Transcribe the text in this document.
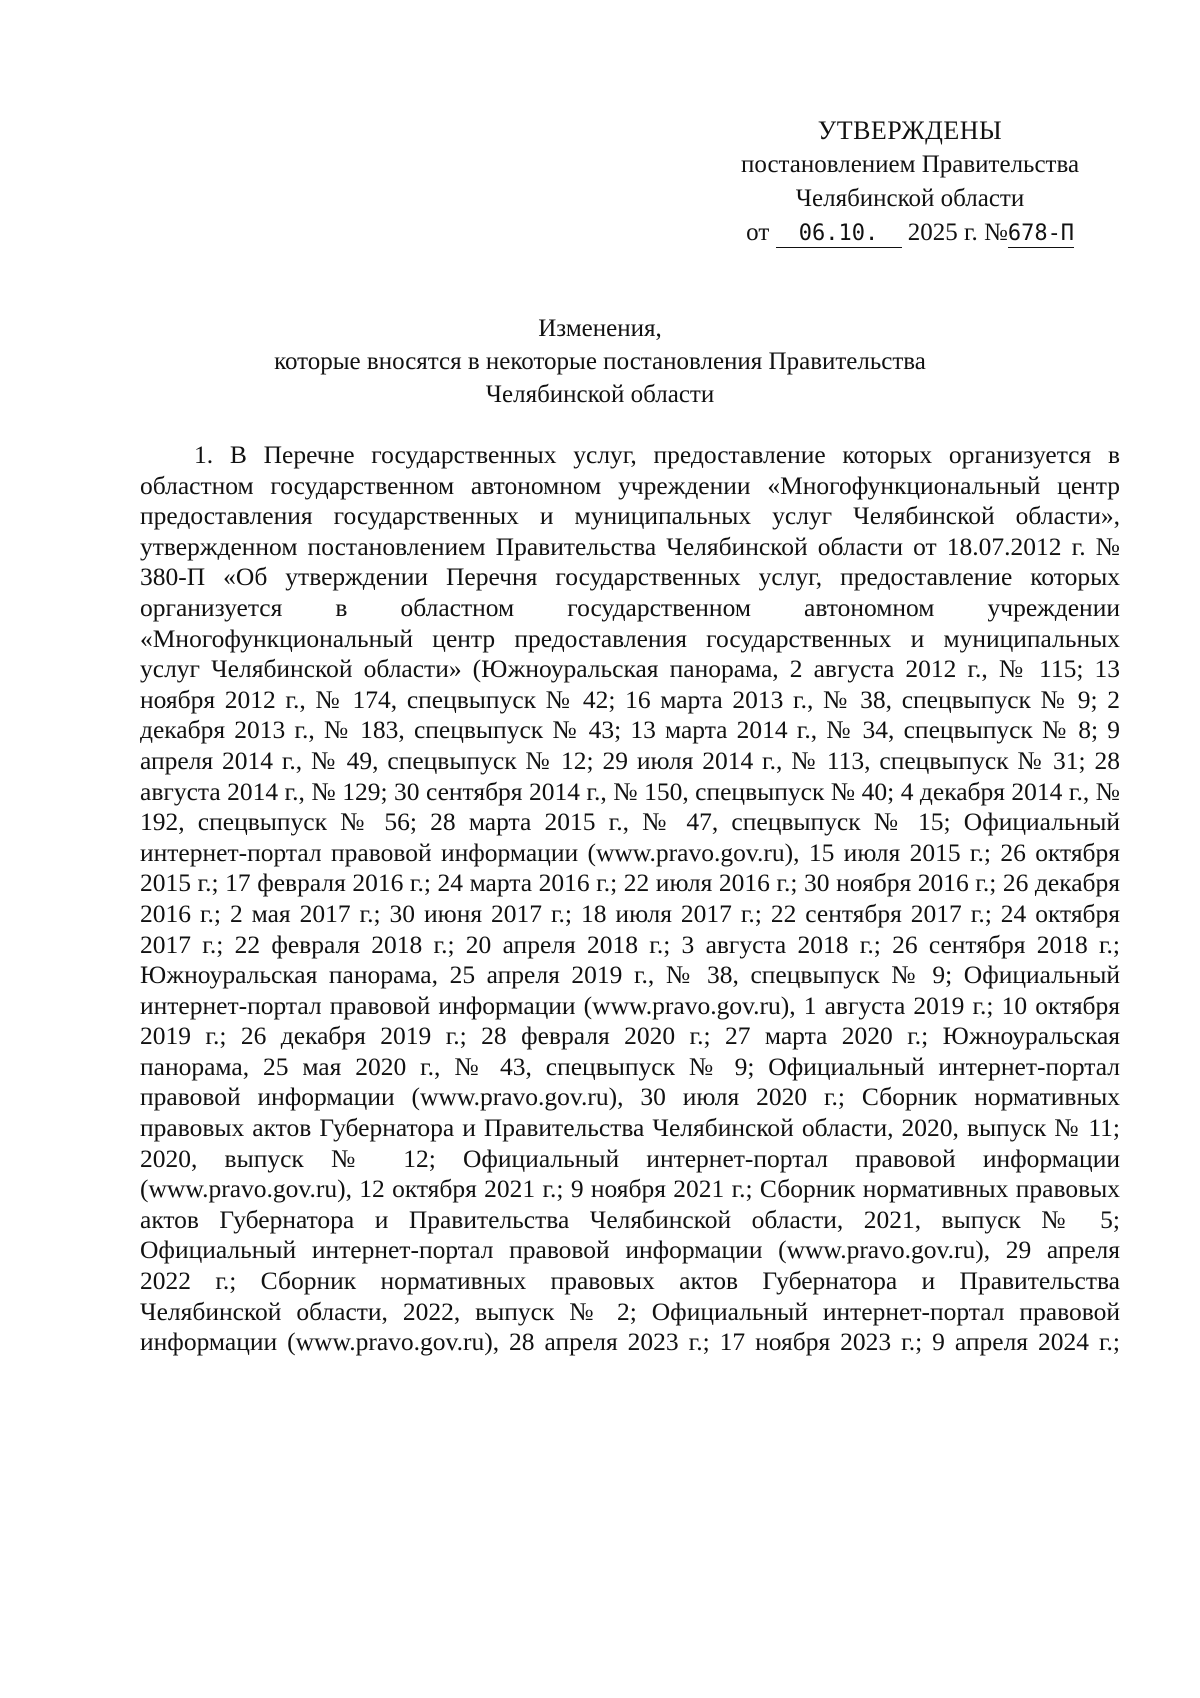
УТВЕРЖДЕНЫ
постановлением Правительства
Челябинской области
от 06.10. 2025 г. №678-П
Изменения,
которые вносятся в некоторые постановления Правительства
Челябинской области

1. В Перечне государственных услуг, предоставление которых организуется в областном государственном автономном учреждении «Многофункциональный центр предоставления государственных и муниципальных услуг Челябинской области», утвержденном постановлением Правительства Челябинской области от 18.07.2012 г. № 380-П «Об утверждении Перечня государственных услуг, предоставление которых организуется в областном государственном автономном учреждении «Многофункциональный центр предоставления государственных и муниципальных услуг Челябинской области» (Южноуральская панорама, 2 августа 2012 г., № 115; 13 ноября 2012 г., № 174, спецвыпуск № 42; 16 марта 2013 г., № 38, спецвыпуск № 9; 2 декабря 2013 г., № 183, спецвыпуск № 43; 13 марта 2014 г., № 34, спецвыпуск № 8; 9 апреля 2014 г., № 49, спецвыпуск № 12; 29 июля 2014 г., № 113, спецвыпуск № 31; 28 августа 2014 г., № 129; 30 сентября 2014 г., № 150, спецвыпуск № 40; 4 декабря 2014 г., № 192, спецвыпуск № 56; 28 марта 2015 г., № 47, спецвыпуск № 15; Официальный интернет-портал правовой информации (www.pravo.gov.ru), 15 июля 2015 г.; 26 октября 2015 г.; 17 февраля 2016 г.; 24 марта 2016 г.; 22 июля 2016 г.; 30 ноября 2016 г.; 26 декабря 2016 г.; 2 мая 2017 г.; 30 июня 2017 г.; 18 июля 2017 г.; 22 сентября 2017 г.; 24 октября 2017 г.; 22 февраля 2018 г.; 20 апреля 2018 г.; 3 августа 2018 г.; 26 сентября 2018 г.; Южноуральская панорама, 25 апреля 2019 г., № 38, спецвыпуск № 9; Официальный интернет-портал правовой информации (www.pravo.gov.ru), 1 августа 2019 г.; 10 октября 2019 г.; 26 декабря 2019 г.; 28 февраля 2020 г.; 27 марта 2020 г.; Южноуральская панорама, 25 мая 2020 г., № 43, спецвыпуск № 9; Официальный интернет-портал правовой информации (www.pravo.gov.ru), 30 июля 2020 г.; Сборник нормативных правовых актов Губернатора и Правительства Челябинской области, 2020, выпуск № 11; 2020, выпуск № 12; Официальный интернет-портал правовой информации (www.pravo.gov.ru), 12 октября 2021 г.; 9 ноября 2021 г.; Сборник нормативных правовых актов Губернатора и Правительства Челябинской области, 2021, выпуск № 5; Официальный интернет-портал правовой информации (www.pravo.gov.ru), 29 апреля 2022 г.; Сборник нормативных правовых актов Губернатора и Правительства Челябинской области, 2022, выпуск № 2; Официальный интернет-портал правовой информации (www.pravo.gov.ru), 28 апреля 2023 г.; 17 ноября 2023 г.; 9 апреля 2024 г.;
